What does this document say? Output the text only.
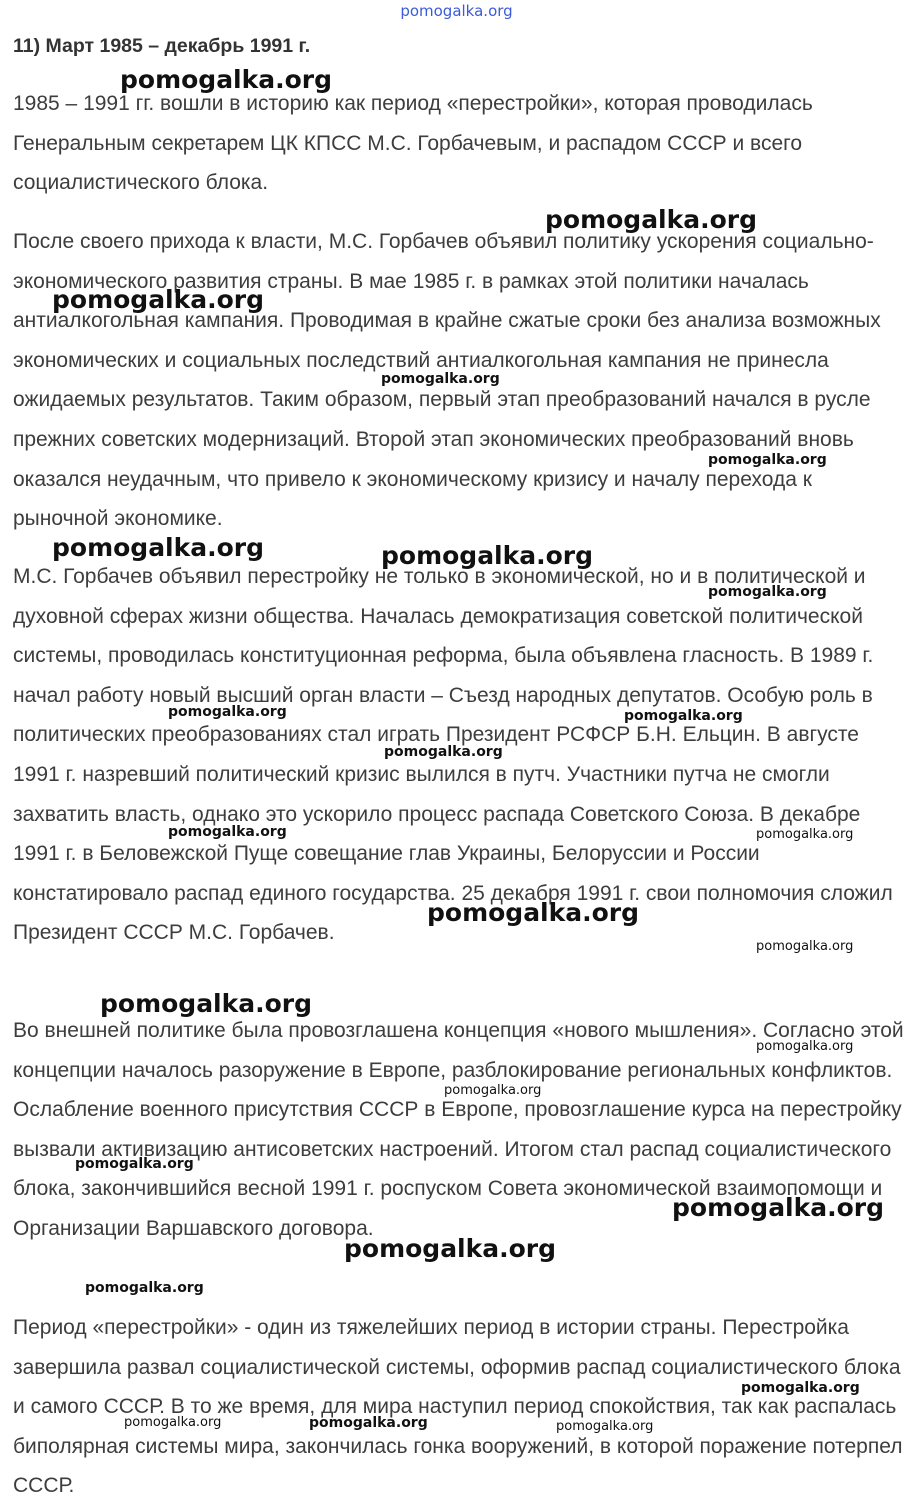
pomogalka.org
11) Март 1985 – декабрь 1991 г.

1985 – 1991 гг. вошли в историю как период «перестройки», которая проводилась Генеральным секретарем ЦК КПСС М.С. Горбачевым, и распадом СССР и всего социалистического блока.

После своего прихода к власти, М.С. Горбачев объявил политику ускорения социально-экономического развития страны. В мае 1985 г. в рамках этой политики началась антиалкогольная кампания. Проводимая в крайне сжатые сроки без анализа возможных экономических и социальных последствий антиалкогольная кампания не принесла ожидаемых результатов. Таким образом, первый этап преобразований начался в русле прежних советских модернизаций. Второй этап экономических преобразований вновь оказался неудачным, что привело к экономическому кризису и началу перехода к рыночной экономике.

М.С. Горбачев объявил перестройку не только в экономической, но и в политической и духовной сферах жизни общества. Началась демократизация советской политической системы, проводилась конституционная реформа, была объявлена гласность. В 1989 г. начал работу новый высший орган власти – Съезд народных депутатов. Особую роль в политических преобразованиях стал играть Президент РСФСР Б.Н. Ельцин. В августе 1991 г. назревший политический кризис вылился в путч. Участники путча не смогли захватить власть, однако это ускорило процесс распада Советского Союза. В декабре 1991 г. в Беловежской Пуще совещание глав Украины, Белоруссии и России констатировало распад единого государства. 25 декабря 1991 г. свои полномочия сложил Президент СССР М.С. Горбачев.

Во внешней политике была провозглашена концепция «нового мышления». Согласно этой концепции началось разоружение в Европе, разблокирование региональных конфликтов. Ослабление военного присутствия СССР в Европе, провозглашение курса на перестройку вызвали активизацию антисоветских настроений. Итогом стал распад социалистического блока, закончившийся весной 1991 г. роспуском Совета экономической взаимопомощи и Организации Варшавского договора.

Период «перестройки» - один из тяжелейших период в истории страны. Перестройка завершила развал социалистической системы, оформив распад социалистического блока и самого СССР. В то же время, для мира наступил период спокойствия, так как распалась биполярная системы мира, закончилась гонка вооружений, в которой поражение потерпел СССР.

pomogalka.org
pomogalka.org
pomogalka.org
pomogalka.org
pomogalka.org
pomogalka.org	pomogalka.org
pomogalka.org
pomogalka.org	pomogalka.org
pomogalka.org
pomogalka.org	pomogalka.org
pomogalka.org
pomogalka.org
pomogalka.org
pomogalka.org
pomogalka.org
pomogalka.org
pomogalka.org
pomogalka.org
pomogalka.org
pomogalka.org
pomogalka.org	pomogalka.org	pomogalka.org
